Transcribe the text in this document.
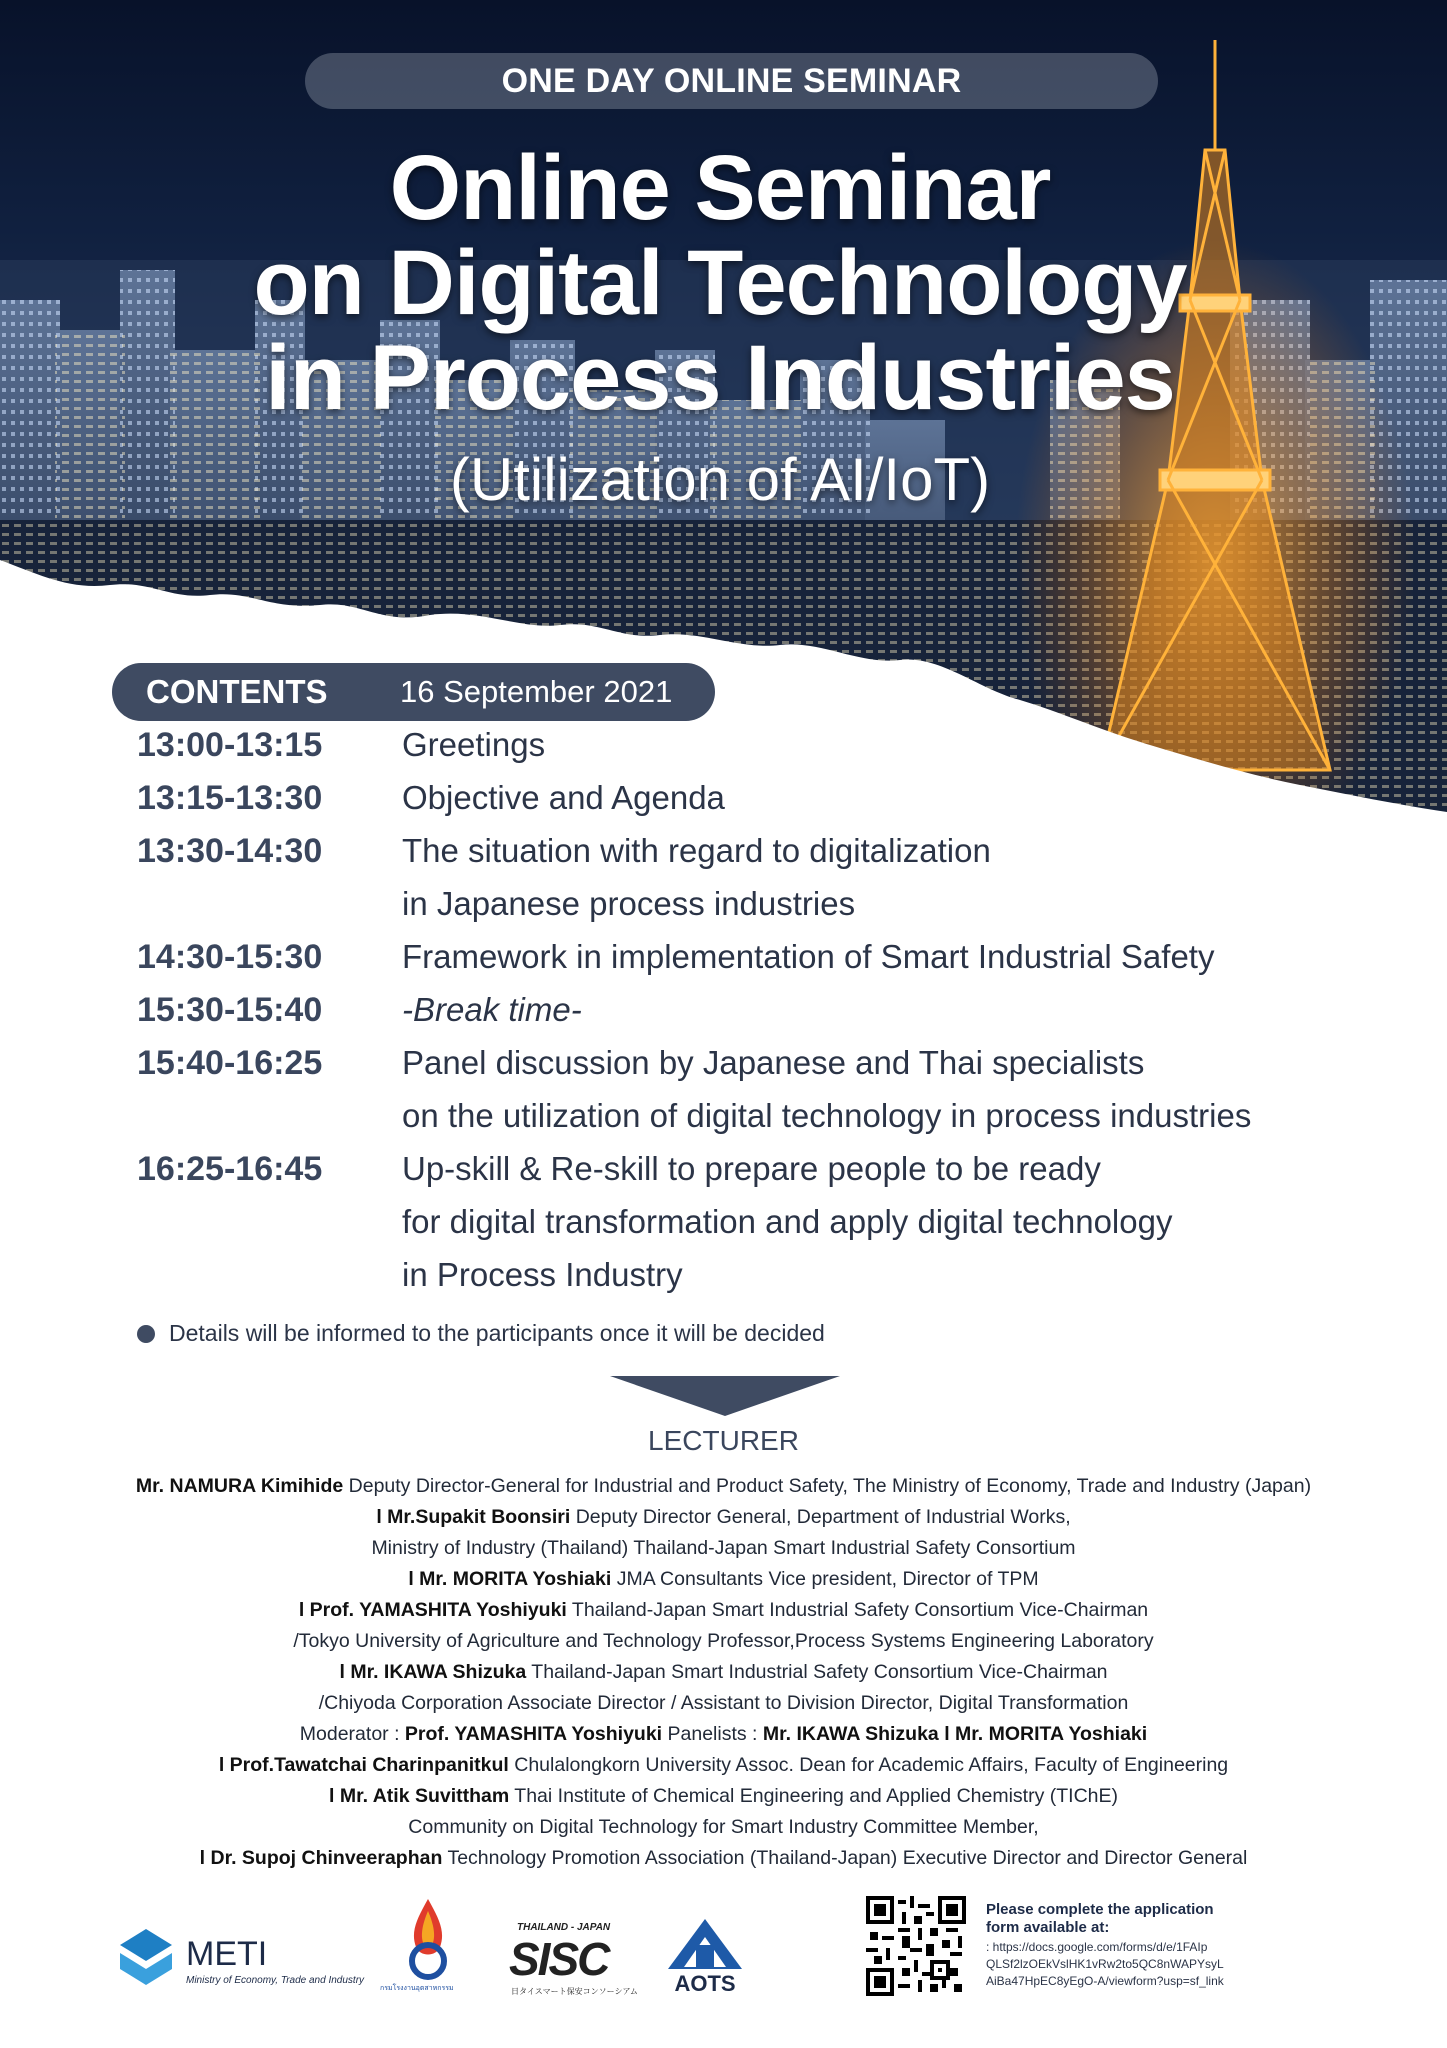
ONE DAY ONLINE SEMINAR
Online Seminar
on Digital Technology
in Process Industries
(Utilization of AI/IoT)
CONTENTS 16 September 2021
13:00-13:15 Greetings
13:15-13:30 Objective and Agenda
13:30-14:30 The situation with regard to digitalization
in Japanese process industries
14:30-15:30 Framework in implementation of Smart Industrial Safety
15:30-15:40 -Break time-
15:40-16:25 Panel discussion by Japanese and Thai specialists
on the utilization of digital technology in process industries
16:25-16:45 Up-skill & Re-skill to prepare people to be ready
for digital transformation and apply digital technology
in Process Industry
Details will be informed to the participants once it will be decided
LECTURER
Mr. NAMURA Kimihide Deputy Director-General for Industrial and Product Safety, The Ministry of Economy, Trade and Industry (Japan)
l Mr.Supakit Boonsiri Deputy Director General, Department of Industrial Works,
Ministry of Industry (Thailand) Thailand-Japan Smart Industrial Safety Consortium
l Mr. MORITA Yoshiaki JMA Consultants Vice president, Director of TPM
l Prof. YAMASHITA Yoshiyuki Thailand-Japan Smart Industrial Safety Consortium Vice-Chairman
/Tokyo University of Agriculture and Technology Professor,Process Systems Engineering Laboratory
l Mr. IKAWA Shizuka Thailand-Japan Smart Industrial Safety Consortium Vice-Chairman
/Chiyoda Corporation Associate Director / Assistant to Division Director, Digital Transformation
Moderator : Prof. YAMASHITA Yoshiyuki Panelists : Mr. IKAWA Shizuka l Mr. MORITA Yoshiaki
l Prof.Tawatchai Charinpanitkul Chulalongkorn University Assoc. Dean for Academic Affairs, Faculty of Engineering
l Mr. Atik Suvittham Thai Institute of Chemical Engineering and Applied Chemistry (TIChE)
Community on Digital Technology for Smart Industry Committee Member,
l Dr. Supoj Chinveeraphan Technology Promotion Association (Thailand-Japan) Executive Director and Director General
METI
Ministry of Economy, Trade and Industry
กรมโรงงานอุตสาหกรรม
THAILAND - JAPAN
SISC
日タイスマート保安コンソーシアム	AOTS
Please complete the application
form available at:
: https://docs.google.com/forms/d/e/1FAIp
QLSf2lzOEkVslHK1vRw2to5QC8nWAPYsyL
AiBa47HpEC8yEgO-A/viewform?usp=sf_link
